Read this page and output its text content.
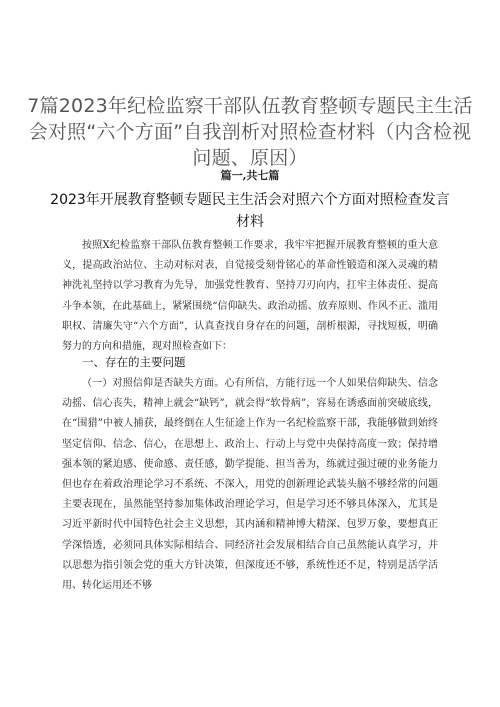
7篇2023年纪检监察干部队伍教育整顿专题民主生活会对照“六个方面”自我剖析对照检查材料（内含检视问题、原因）
篇一,共七篇
2023年开展教育整顿专题民主生活会对照六个方面对照检查发言材料
按照X纪检监察干部队伍教育整顿工作要求，我牢牢把握开展教育整顿的重大意义，提高政治站位、主动对标对表，自觉接受刻骨铭心的革命性锻造和深入灵魂的精神洗礼坚持以学习教育为先导，加强党性教育、坚持刀刃向内，扛牢主体责任、提高斗争本领，在此基础上，紧紧围绕“信仰缺失、政治动摇、放弃原则、作风不正、滥用职权、清廉失守“六个方面”，认真查找自身存在的问题，剖析根源，寻找短板，明确努力的方向和措施，现对照检查如下：
一、存在的主要问题
（一）对照信仰是否缺失方面。心有所信，方能行远一个人如果信仰缺失、信念动摇、信心丧失，精神上就会“缺钙”，就会得“软骨病”，容易在诱惑面前突破底线，在“围猎”中被人捕获，最终倒在人生征途上作为一名纪检监察干部，我能够做到始终坚定信仰、信念、信心，在思想上、政治上、行动上与党中央保持高度一致；保持增强本领的紧迫感、使命感、责任感，勤学提能、担当善为，练就过强过硬的业务能力但也存在着政治理论学习不系统、不深入，用党的创新理论武装头脑不够经常的问题主要表现在，虽然能坚持参加集体政治理论学习，但是学习还不够具体深入，尤其是习近平新时代中国特色社会主义思想，其内涵和精神博大精深、包罗万象，要想真正学深悟透，必须同具体实际相结合、同经济社会发展相结合自己虽然能认真学习，并以思想为指引领会党的重大方针决策，但深度还不够，系统性还不足，特别是活学活用、转化运用还不够
